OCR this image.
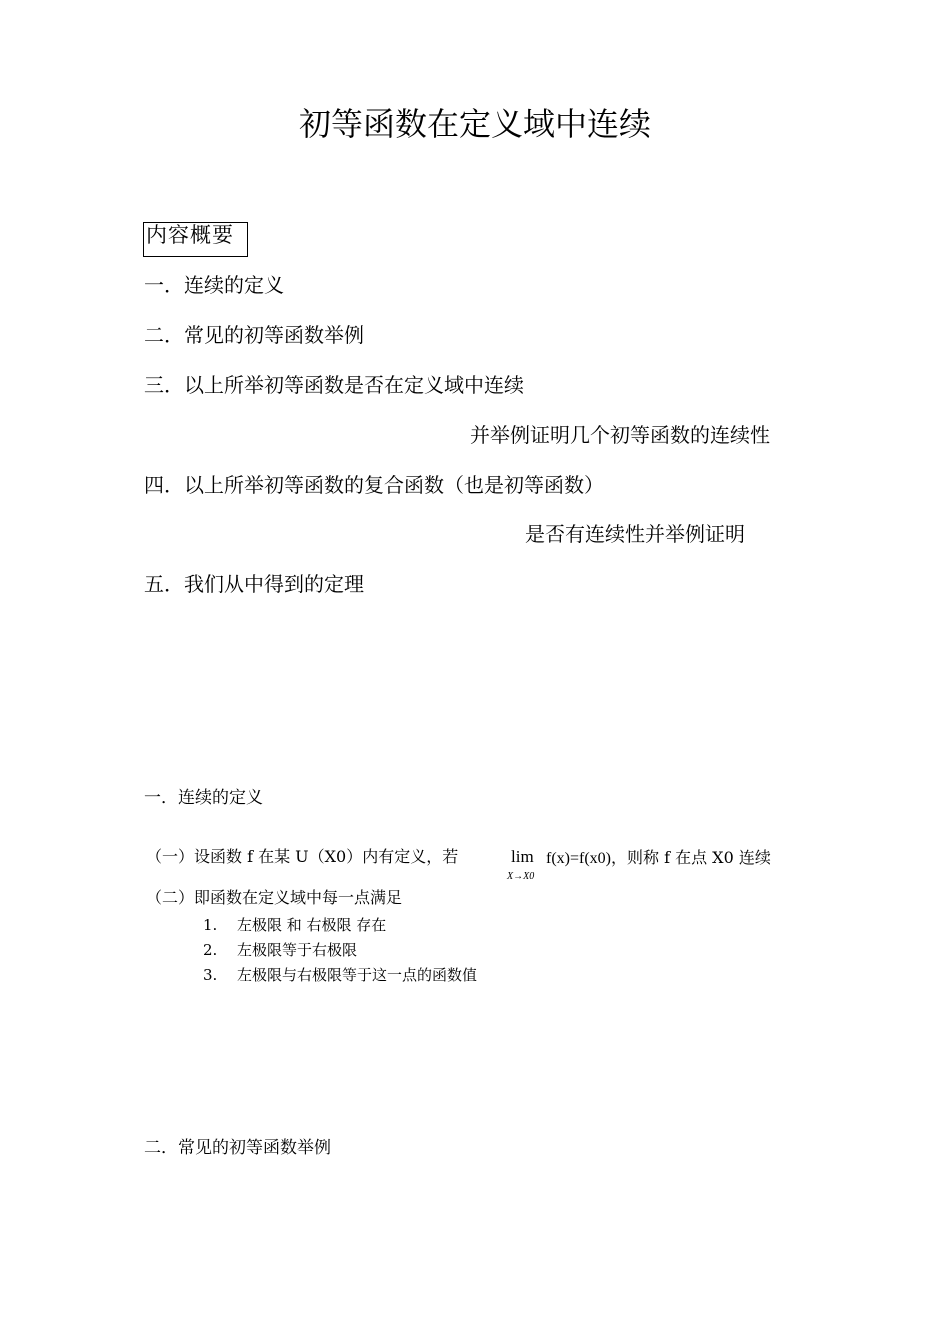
初等函数在定义域中连续
内容概要
一．连续的定义
二．常见的初等函数举例
三．以上所举初等函数是否在定义域中连续
并举例证明几个初等函数的连续性
四．以上所举初等函数的复合函数（也是初等函数）
是否有连续性并举例证明
五．我们从中得到的定理
一．连续的定义
（一）设函数 f 在某 U（X0）内有定义，若	lim
X→X0
f(x)=f(x0)，则称 f 在点 X0 连续
（二）即函数在定义域中每一点满足
1. 左极限 和 右极限 存在
2. 左极限等于右极限
3. 左极限与右极限等于这一点的函数值
二．常见的初等函数举例
